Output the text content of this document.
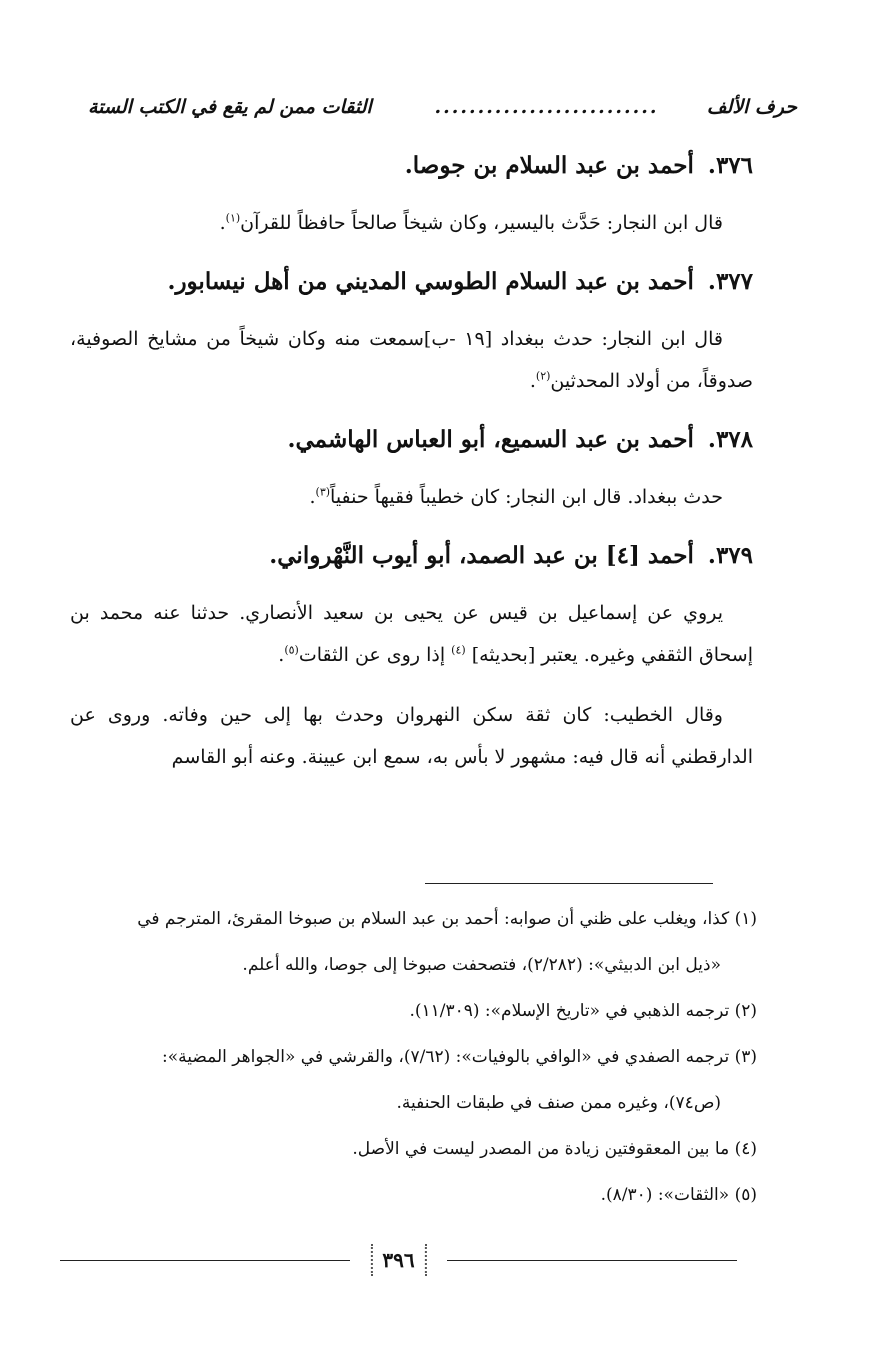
حرف الألف
..........................
الثقات ممن لم يقع في الكتب الستة
٣٧٦. أحمد بن عبد السلام بن جوصا.

قال ابن النجار: حَدَّث باليسير، وكان شيخاً صالحاً حافظاً للقرآن$^{(١)}$.

٣٧٧. أحمد بن عبد السلام الطوسي المديني من أهل نيسابور.

قال ابن النجار: حدث ببغداد [١٩ -ب]سمعت منه وكان شيخاً من مشايخ الصوفية، صدوقاً، من أولاد المحدثين$^{(٢)}$.

٣٧٨. أحمد بن عبد السميع، أبو العباس الهاشمي.

حدث ببغداد. قال ابن النجار: كان خطيباً فقيهاً حنفياً$^{(٣)}$.

٣٧٩. أحمد [٤] بن عبد الصمد، أبو أيوب النَّهْرواني.

يروي عن إسماعيل بن قيس عن يحيى بن سعيد الأنصاري. حدثنا عنه محمد بن إسحاق الثقفي وغيره. يعتبر [بحديثه] $^{(٤)}$ إذا روى عن الثقات$^{(٥)}$.

وقال الخطيب: كان ثقة سكن النهروان وحدث بها إلى حين وفاته. وروى عن الدارقطني أنه قال فيه: مشهور لا بأس به، سمع ابن عيينة. وعنه أبو القاسم

(١) كذا، ويغلب على ظني أن صوابه: أحمد بن عبد السلام بن صبوخا المقرئ، المترجم في
«ذيل ابن الدبيثي»: (٢/٢٨٢)، فتصحفت صبوخا إلى جوصا، والله أعلم.

(٢) ترجمه الذهبي في «تاريخ الإسلام»: (١١/٣٠٩).

(٣) ترجمه الصفدي في «الوافي بالوفيات»: (٧/٦٢)، والقرشي في «الجواهر المضية»:
(ص٧٤)، وغيره ممن صنف في طبقات الحنفية.

(٤) ما بين المعقوفتين زيادة من المصدر ليست في الأصل.

(٥) «الثقات»: (٨/٣٠).

٣٩٦
